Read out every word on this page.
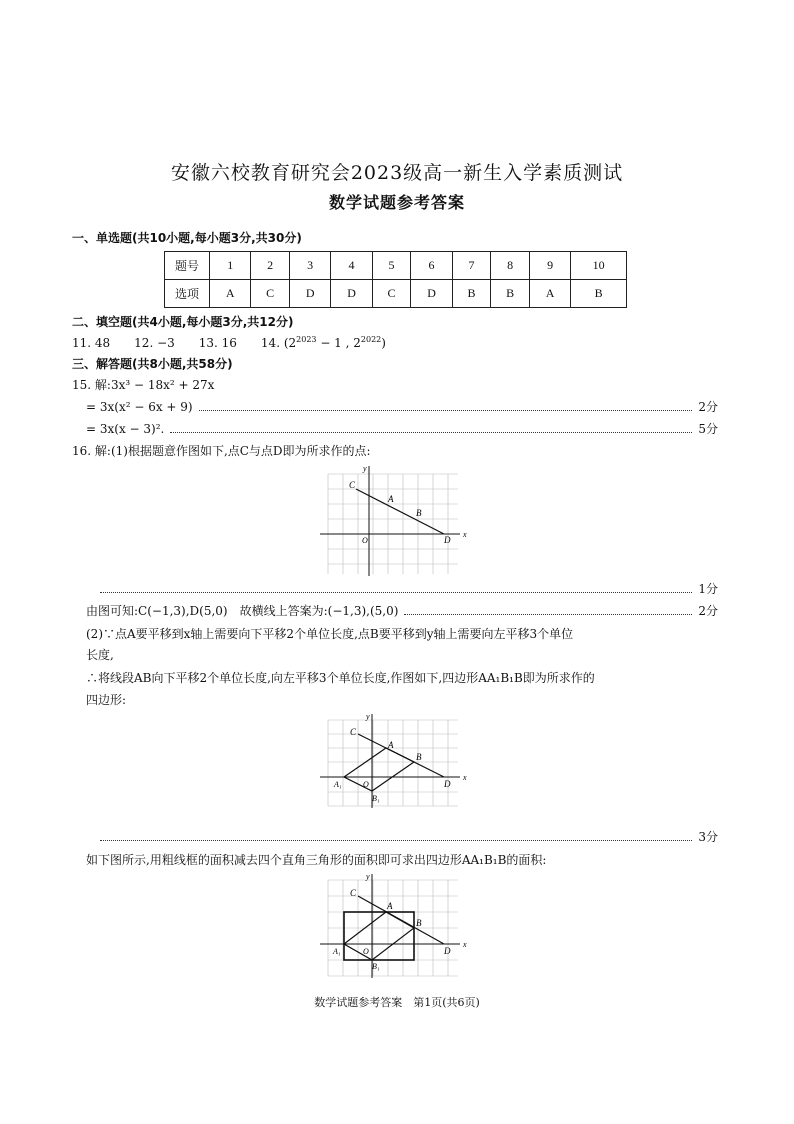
安徽六校教育研究会2023级高一新生入学素质测试
数学试题参考答案
一、单选题(共10小题,每小题3分,共30分)
题号	1	2	3	4	5	6	7	8	9	10
选项	A	C	D	D	C	D	B	B	A	B
二、填空题(共4小题,每小题3分,共12分)
11. 48　　12. −3　　13. 16　　14. ($2^{2023} - 1$ , $2^{2022}$)
三、解答题(共8小题,共58分)
15. 解:3x³ − 18x² + 27x
= 3x(x² − 6x + 9)	2分
= 3x(x − 3)².	5分
16. 解:(1)根据题意作图如下,点C与点D即为所求作的点:
x
y
O
C
A
B
D
1分
由图可知:C(−1,3),D(5,0)　故横线上答案为:(−1,3),(5,0)	2分
(2)∵点A要平移到x轴上需要向下平移2个单位长度,点B要平移到y轴上需要向左平移3个单位
长度,
∴将线段AB向下平移2个单位长度,向左平移3个单位长度,作图如下,四边形AA₁B₁B即为所求作的
四边形:
x
y
O
C
A
B
D
A₁
B₁
3分
如下图所示,用粗线框的面积减去四个直角三角形的面积即可求出四边形AA₁B₁B的面积:
x
y
O
C
A
B
D
A₁
B₁
数学试题参考答案　第1页(共6页)
